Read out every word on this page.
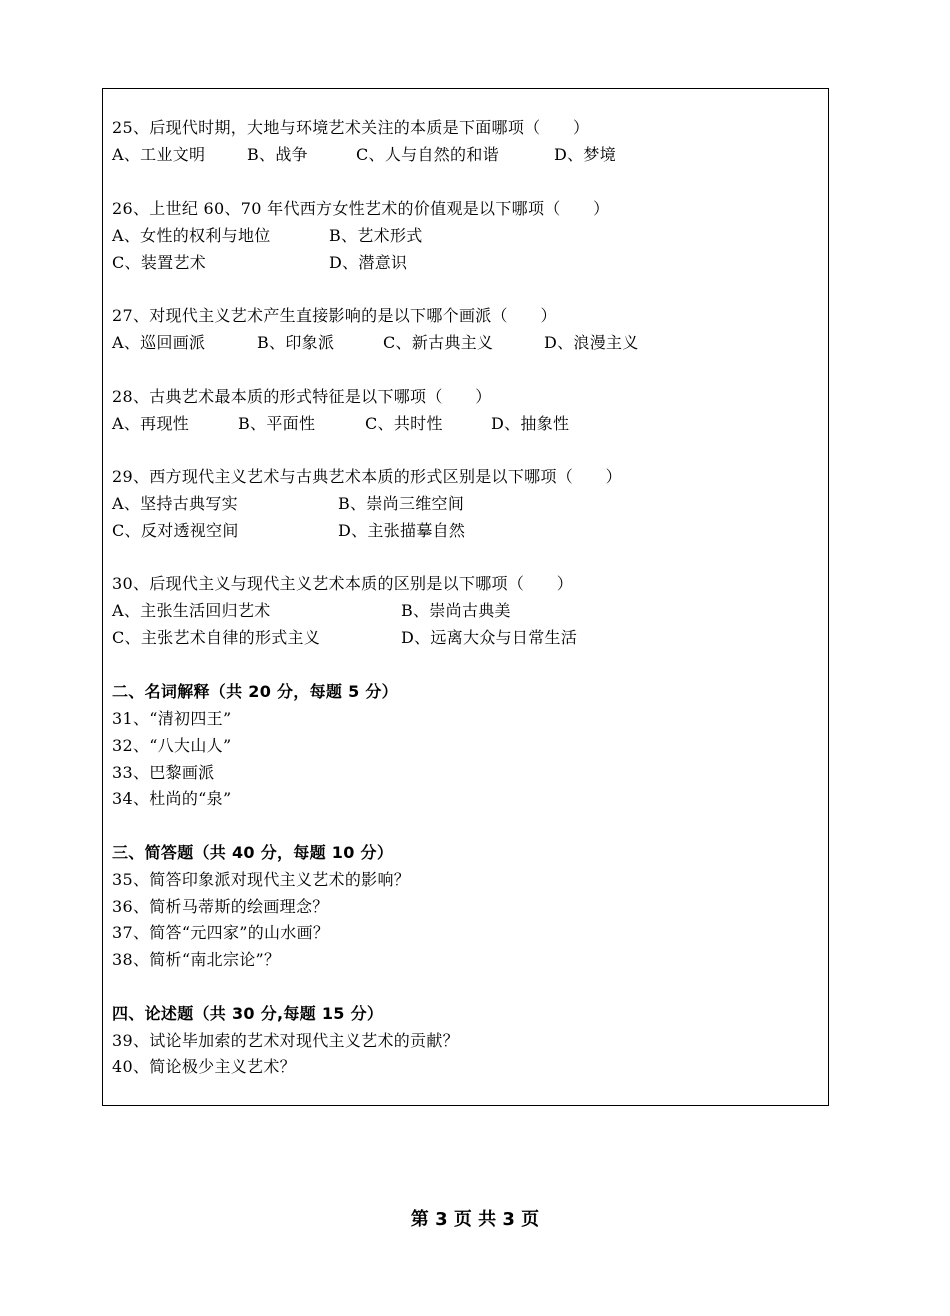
25、后现代时期，大地与环境艺术关注的本质是下面哪项（　　）
A、工业文明	B、战争	C、人与自然的和谐	D、梦境
26、上世纪 60、70 年代西方女性艺术的价值观是以下哪项（　　）
A、女性的权利与地位	B、艺术形式
C、装置艺术	D、潜意识
27、对现代主义艺术产生直接影响的是以下哪个画派（　　）
A、巡回画派	B、印象派	C、新古典主义	D、浪漫主义
28、古典艺术最本质的形式特征是以下哪项（　　）
A、再现性	B、平面性	C、共时性	D、抽象性
29、西方现代主义艺术与古典艺术本质的形式区别是以下哪项（　　）
A、坚持古典写实	B、崇尚三维空间
C、反对透视空间	D、主张描摹自然
30、后现代主义与现代主义艺术本质的区别是以下哪项（　　）
A、主张生活回归艺术	B、崇尚古典美
C、主张艺术自律的形式主义	D、远离大众与日常生活
二、名词解释（共 20 分，每题 5 分）
31、“清初四王”
32、“八大山人”
33、巴黎画派
34、杜尚的“泉”
三、简答题（共 40 分，每题 10 分）
35、简答印象派对现代主义艺术的影响？
36、简析马蒂斯的绘画理念？
37、简答“元四家”的山水画？
38、简析“南北宗论”？
四、论述题（共 30 分,每题 15 分）
39、试论毕加索的艺术对现代主义艺术的贡献？
40、简论极少主义艺术？
第 3 页 共 3 页
